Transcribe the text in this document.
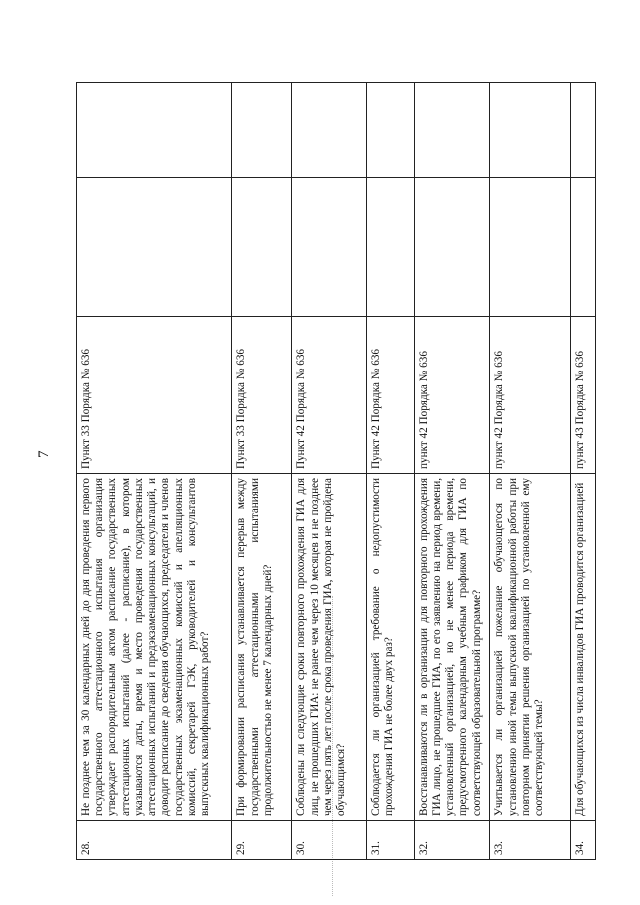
7
28.	Не позднее чем за 30 календарных дней до дня проведения первого государственного аттестационного испытания организация утверждает распорядительным актом расписание государственных аттестационных испытаний (далее - расписание), в котором указываются даты, время и место проведения государственных аттестационных испытаний и предэкзаменационных консультаций, и доводит расписание до сведения обучающихся, председателя и членов государственных экзаменационных комиссий и апелляционных комиссий, секретарей ГЭК, руководителей и консультантов выпускных квалификационных работ?	Пункт 33 Порядка № 636		
29.	При формировании расписания устанавливается перерыв между государственными аттестационными испытаниями продолжительностью не менее 7 календарных дней?	Пункт 33 Порядка № 636		
30.	Соблюдены ли следующие сроки повторного прохождения ГИА для лиц, не прошедших ГИА: не ранее чем через 10 месяцев и не позднее чем через пять лет после срока проведения ГИА, которая не пройдена обучающимся?	Пункт 42 Порядка № 636		
31.	Соблюдается ли организацией требование о недопустимости прохождения ГИА не более двух раз?	Пункт 42 Порядка № 636		
32.	Восстанавливаются ли в организации для повторного прохождения ГИА лицо, не прошедшее ГИА, по его заявлению на период времени, установленный организацией, но не менее периода времени, предусмотренного календарным учебным графиком для ГИА по соответствующей образовательной программе?	пункт 42 Порядка № 636		
33.	Учитывается ли организацией пожелание обучающегося по установлению иной темы выпускной квалификационной работы при повторном принятии решения организацией по установленной ему соответствующей темы?	пункт 42 Порядка № 636		
34.	Для обучающихся из числа инвалидов ГИА проводится организацией	пункт 43 Порядка № 636		
